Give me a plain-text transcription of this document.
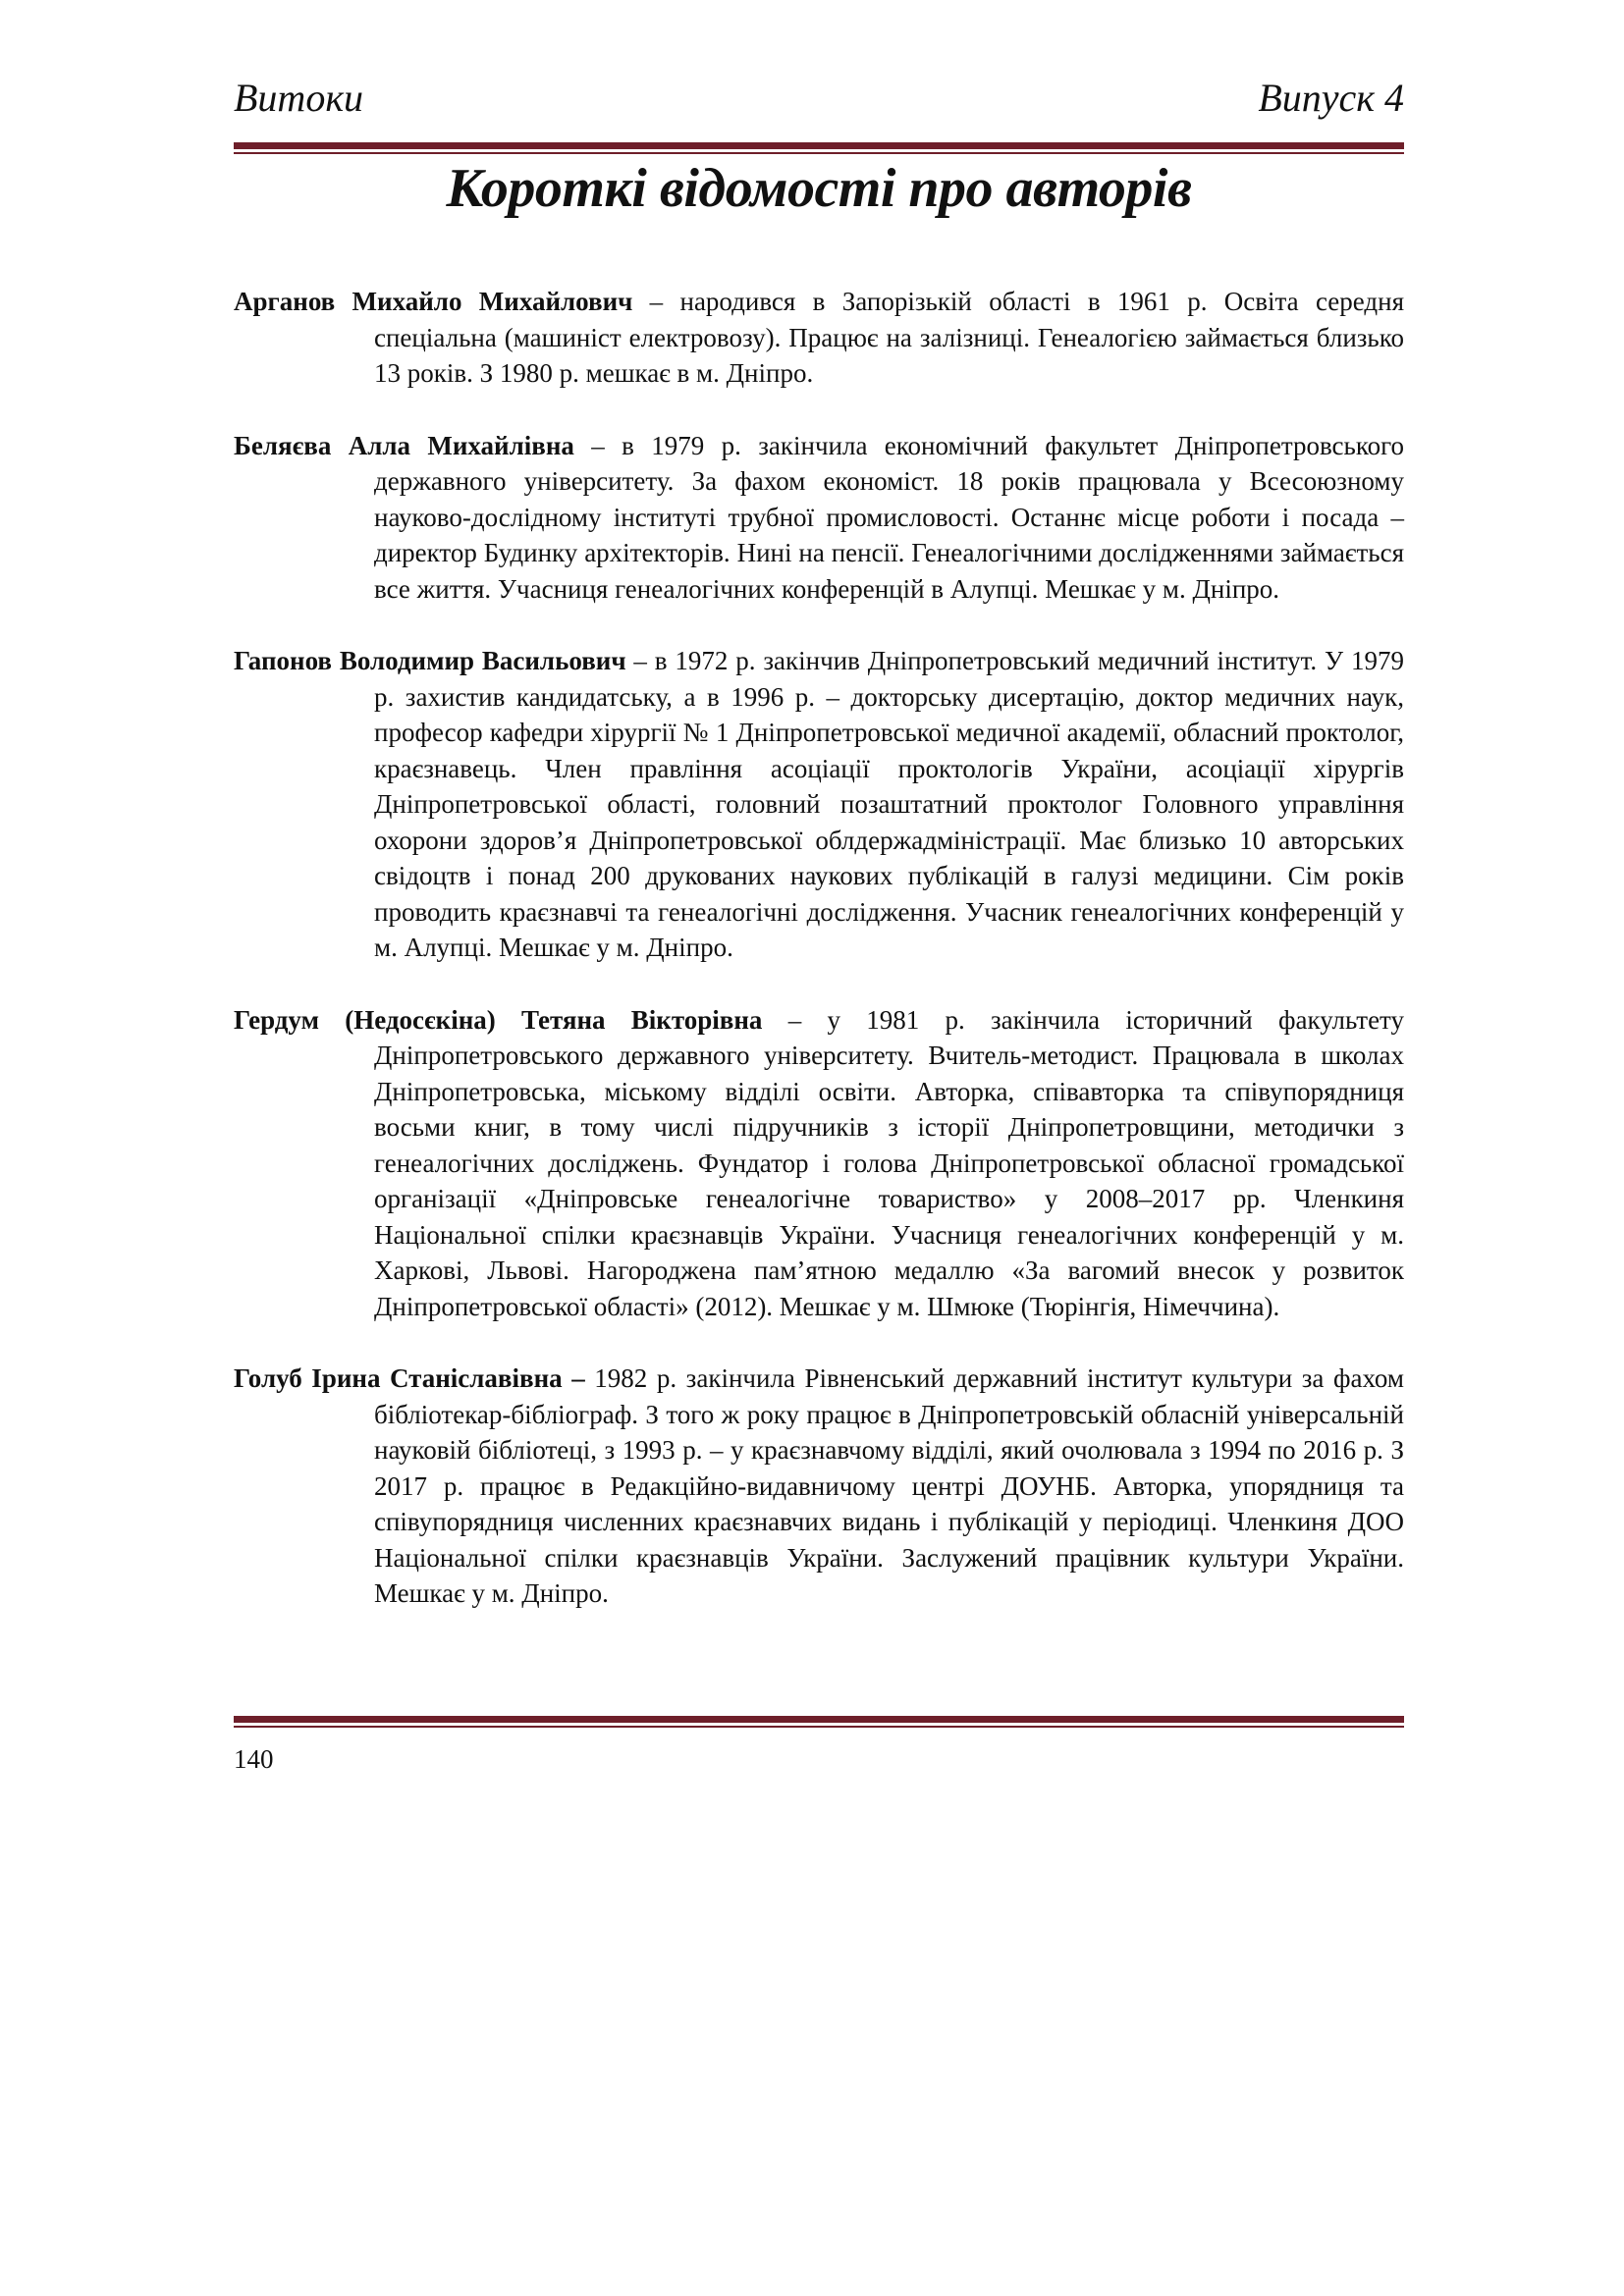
Витоки	Випуск 4
Короткі відомості про авторів

Арганов Михайло Михайлович – народився в Запорізькій області в 1961 р. Освіта середня спеціальна (машиніст електровозу). Працює на залізниці. Генеалогією займається близько 13 років. З 1980 р. мешкає в м. Дніпро.

Беляєва Алла Михайлівна – в 1979 р. закінчила економічний факультет Дніпропетровського державного університету. За фахом економіст. 18 років працювала у Всесоюзному науково-дослідному інституті трубної промисловості. Останнє місце роботи і посада – директор Будинку архітекторів. Нині на пенсії. Генеалогічними дослідженнями займається все життя. Учасниця генеалогічних конференцій в Алупці. Мешкає у м. Дніпро.

Гапонов Володимир Васильович – в 1972 р. закінчив Дніпропетровський медичний інститут. У 1979 р. захистив кандидатську, а в 1996 р. – докторську дисертацію, доктор медичних наук, професор кафедри хірургії № 1 Дніпропетровської медичної академії, обласний проктолог, краєзнавець. Член правління асоціації проктологів України, асоціації хірургів Дніпропетровської області, головний позаштатний проктолог Головного управління охорони здоров’я Дніпропетровської облдержадміністрації. Має близько 10 авторських свідоцтв і понад 200 друкованих наукових публікацій в галузі медицини. Сім років проводить краєзнавчі та генеалогічні дослідження. Учасник генеалогічних конференцій у м. Алупці. Мешкає у м. Дніпро.

Гердум (Недосєкіна) Тетяна Вікторівна – у 1981 р. закінчила історичний факультету Дніпропетровського державного університету. Вчитель-методист. Працювала в школах Дніпропетровська, міському відділі освіти. Авторка, співавторка та співупорядниця восьми книг, в тому числі підручників з історії Дніпропетровщини, методички з генеалогічних досліджень. Фундатор і голова Дніпропетровської обласної громадської організації «Дніпровське генеалогічне товариство» у 2008–2017 рр. Членкиня Національної спілки краєзнавців України. Учасниця генеалогічних конференцій у м. Харкові, Львові. Нагороджена пам’ятною медаллю «За вагомий внесок у розвиток Дніпропетровської області» (2012). Мешкає у м. Шмюке (Тюрінгія, Німеччина).

Голуб Ірина Станіславівна – 1982 р. закінчила Рівненський державний інститут культури за фахом бібліотекар-бібліограф. З того ж року працює в Дніпропетровській обласній універсальній науковій бібліотеці, з 1993 р. – у краєзнавчому відділі, який очолювала з 1994 по 2016 р. З 2017 р. працює в Редакційно-видавничому центрі ДОУНБ. Авторка, упорядниця та співупорядниця численних краєзнавчих видань і публікацій у періодиці. Членкиня ДОО Національної спілки краєзнавців України. Заслужений працівник культури України. Мешкає у м. Дніпро.

140
